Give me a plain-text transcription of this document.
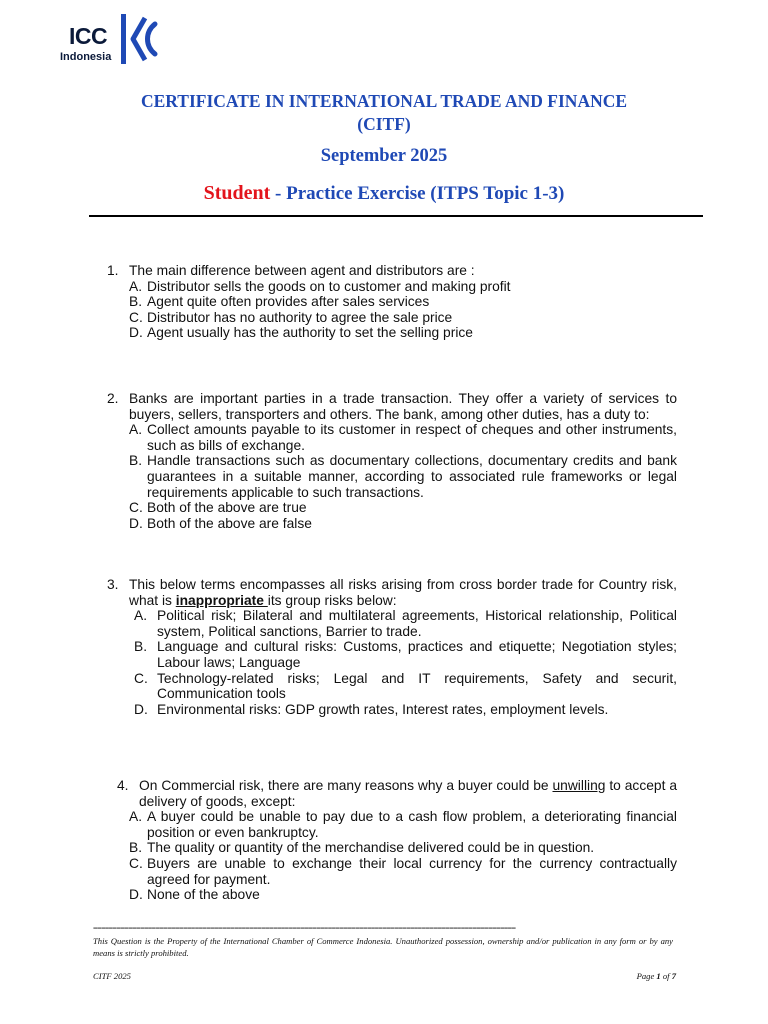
ICC
Indonesia
CERTIFICATE IN INTERNATIONAL TRADE AND FINANCE
(CITF)
September 2025
Student - Practice Exercise (ITPS Topic 1-3)
1. The main difference between agent and distributors are :
A. Distributor sells the goods on to customer and making profit
B. Agent quite often provides after sales services
C. Distributor has no authority to agree the sale price
D. Agent usually has the authority to set the selling price
2. Banks are important parties in a trade transaction. They offer a variety of services to buyers, sellers, transporters and others. The bank, among other duties, has a duty to:
A. Collect amounts payable to its customer in respect of cheques and other instruments, such as bills of exchange.
B. Handle transactions such as documentary collections, documentary credits and bank guarantees in a suitable manner, according to associated rule frameworks or legal requirements applicable to such transactions.
C. Both of the above are true
D. Both of the above are false
3. This below terms encompasses all risks arising from cross border trade for Country risk, what is inappropriate its group risks below:
A. Political risk; Bilateral and multilateral agreements, Historical relationship, Political system, Political sanctions, Barrier to trade.
B. Language and cultural risks: Customs, practices and etiquette; Negotiation styles; Labour laws; Language
C. Technology-related risks; Legal and IT requirements, Safety and securit, Communication tools
D. Environmental risks: GDP growth rates, Interest rates, employment levels.
4. On Commercial risk, there are many reasons why a buyer could be unwilling to accept a delivery of goods, except:
A. A buyer could be unable to pay due to a cash flow problem, a deteriorating financial position or even bankruptcy.
B. The quality or quantity of the merchandise delivered could be in question.
C. Buyers are unable to exchange their local currency for the currency contractually agreed for payment.
D. None of the above
============================================================================================================
This Question is the Property of the International Chamber of Commerce Indonesia. Unauthorized possession, ownership and/or publication in any form or by any means is strictly prohibited.
CITF 2025	Page 1 of 7
